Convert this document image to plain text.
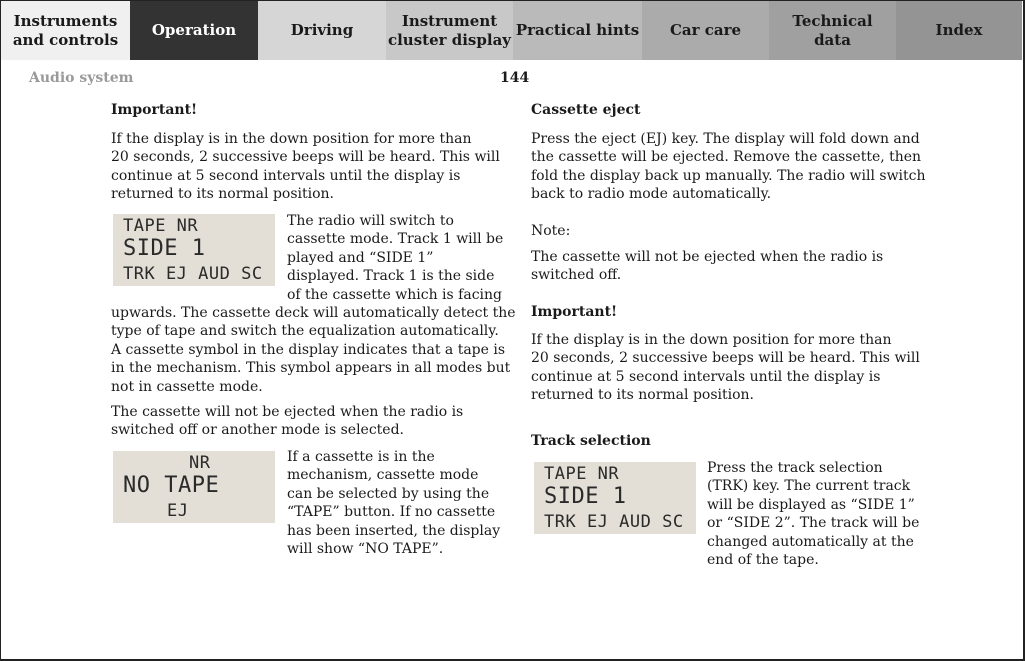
Instruments
and controls
Operation	Driving
Instrument
cluster display
Practical hints Car care
Technical
data
Index
Audio system	144
Important!
If the display is in the down position for more than
20 seconds, 2 successive beeps will be heard. This will
continue at 5 second intervals until the display is
returned to its normal position.
TAPE NR
SIDE 1
TRK EJ AUD SC
The radio will switch to
cassette mode. Track 1 will be
played and “SIDE 1”
displayed. Track 1 is the side
of the cassette which is facing
upwards. The cassette deck will automatically detect the
type of tape and switch the equalization automatically.
A cassette symbol in the display indicates that a tape is
in the mechanism. This symbol appears in all modes but
not in cassette mode.
The cassette will not be ejected when the radio is
switched off or another mode is selected.
NR
NO TAPE
EJ
If a cassette is in the
mechanism, cassette mode
can be selected by using the
“TAPE” button. If no cassette
has been inserted, the display
will show “NO TAPE”.
Cassette eject
Press the eject (EJ) key. The display will fold down and
the cassette will be ejected. Remove the cassette, then
fold the display back up manually. The radio will switch
back to radio mode automatically.
Note:
The cassette will not be ejected when the radio is
switched off.
Important!
If the display is in the down position for more than
20 seconds, 2 successive beeps will be heard. This will
continue at 5 second intervals until the display is
returned to its normal position.
Track selection
TAPE NR
SIDE 1
TRK EJ AUD SC
Press the track selection
(TRK) key. The current track
will be displayed as “SIDE 1”
or “SIDE 2”. The track will be
changed automatically at the
end of the tape.
